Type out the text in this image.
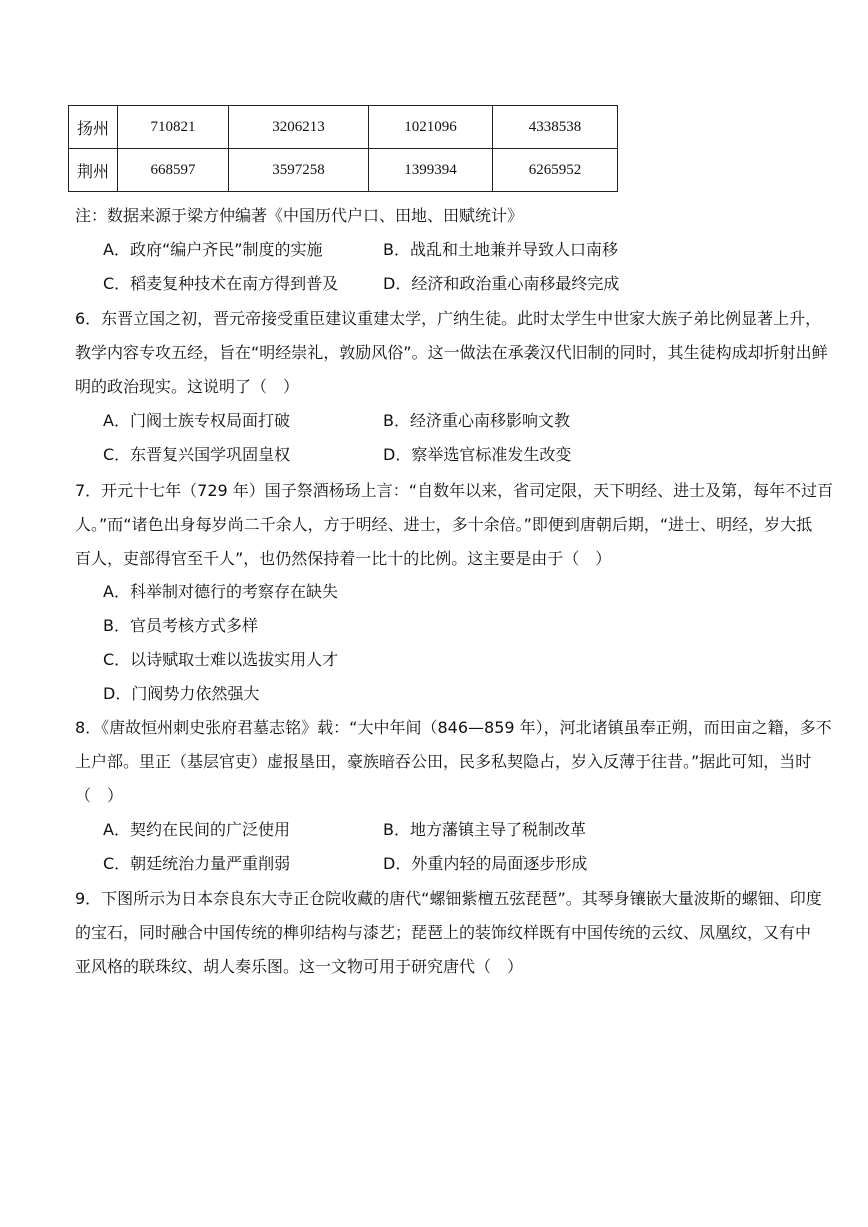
扬州	710821	3206213	1021096	4338538
荆州	668597	3597258	1399394	6265952
注：数据来源于梁方仲编著《中国历代户口、田地、田赋统计》
A．政府“编户齐民”制度的实施	B．战乱和土地兼并导致人口南移
C．稻麦复种技术在南方得到普及	D．经济和政治重心南移最终完成
6．东晋立国之初，晋元帝接受重臣建议重建太学，广纳生徒。此时太学生中世家大族子弟比例显著上升，
教学内容专攻五经，旨在“明经崇礼，敦励风俗”。这一做法在承袭汉代旧制的同时，其生徒构成却折射出鲜
明的政治现实。这说明了（　）
A．门阀士族专权局面打破	B．经济重心南移影响文教
C．东晋复兴国学巩固皇权	D．察举选官标准发生改变
7．开元十七年（729 年）国子祭酒杨玚上言：“自数年以来，省司定限，天下明经、进士及第，每年不过百
人。”而“诸色出身每岁尚二千余人，方于明经、进士，多十余倍。”即便到唐朝后期，“进士、明经，岁大抵
百人，吏部得官至千人”，也仍然保持着一比十的比例。这主要是由于（　）
A．科举制对德行的考察存在缺失
B．官员考核方式多样
C．以诗赋取士难以选拔实用人才
D．门阀势力依然强大
8．《唐故恒州刺史张府君墓志铭》载：“大中年间（846—859 年），河北诸镇虽奉正朔，而田亩之籍，多不
上户部。里正（基层官吏）虚报垦田，豪族暗吞公田，民多私契隐占，岁入反薄于往昔。”据此可知，当时
（　）
A．契约在民间的广泛使用	B．地方藩镇主导了税制改革
C．朝廷统治力量严重削弱	D．外重内轻的局面逐步形成
9．下图所示为日本奈良东大寺正仓院收藏的唐代“螺钿紫檀五弦琵琶”。其琴身镶嵌大量波斯的螺钿、印度
的宝石，同时融合中国传统的榫卯结构与漆艺；琵琶上的装饰纹样既有中国传统的云纹、凤凰纹，又有中
亚风格的联珠纹、胡人奏乐图。这一文物可用于研究唐代（　）
